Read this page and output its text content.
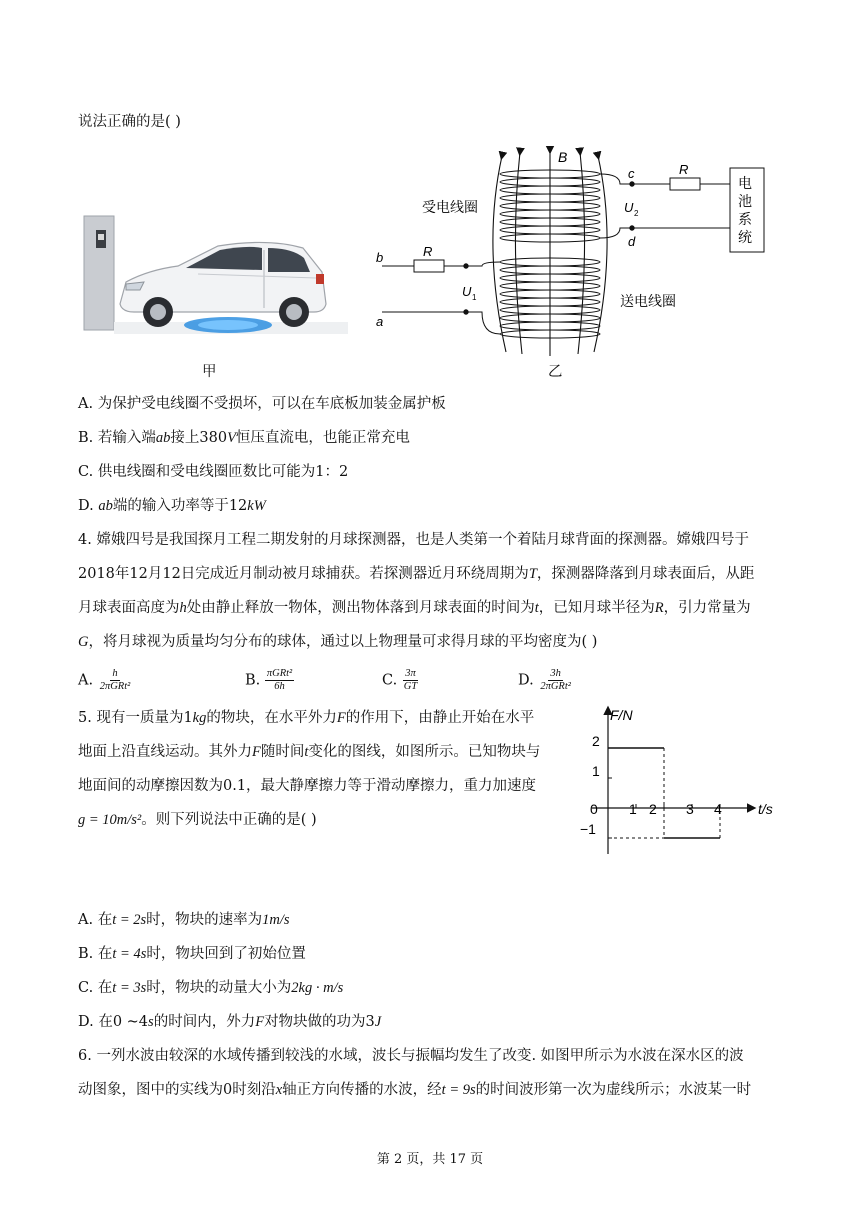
说法正确的是( )
甲
B
c
d
R
U 2
电
池
系
统
b
a
R
U 1
受电线圈
送电线圈
乙
A. 为保护受电线圈不受损坏，可以在车底板加装金属护板
B. 若输入端ab接上380V恒压直流电，也能正常充电
C. 供电线圈和受电线圈匝数比可能为1：2
D. ab端的输入功率等于12kW
4. 嫦娥四号是我国探月工程二期发射的月球探测器，也是人类第一个着陆月球背面的探测器。嫦娥四号于
2018年12月12日完成近月制动被月球捕获。若探测器近月环绕周期为T，探测器降落到月球表面后，从距
月球表面高度为h处由静止释放一物体，测出物体落到月球表面的时间为t，已知月球半径为R，引力常量为
G，将月球视为质量均匀分布的球体，通过以上物理量可求得月球的平均密度为( )
A. $\frac{h}{\text{2πGRt²}}$	B. $\frac{\text{πGRt²}}{6h}$	C. $\frac{3\pi}{GT}$	D. $\frac{3h}{\text{2πGRt²}}$
5. 现有一质量为1kg的物块，在水平外力F的作用下，由静止开始在水平
地面上沿直线运动。其外力F随时间t变化的图线，如图所示。已知物块与
地面间的动摩擦因数为0.1，最大静摩擦力等于滑动摩擦力，重力加速度
g = 10m/s²。则下列说法中正确的是( )
F/N
t/s
0
2
1
−1
1 2 3 4
A. 在t = 2s时，物块的速率为1m/s
B. 在t = 4s时，物块回到了初始位置
C. 在t = 3s时，物块的动量大小为2kg · m/s
D. 在0 ~4s的时间内，外力F对物块做的功为3J
6. 一列水波由较深的水域传播到较浅的水域，波长与振幅均发生了改变. 如图甲所示为水波在深水区的波
动图象，图中的实线为0时刻沿x轴正方向传播的水波，经t = 9s的时间波形第一次为虚线所示；水波某一时
第 2 页，共 17 页
